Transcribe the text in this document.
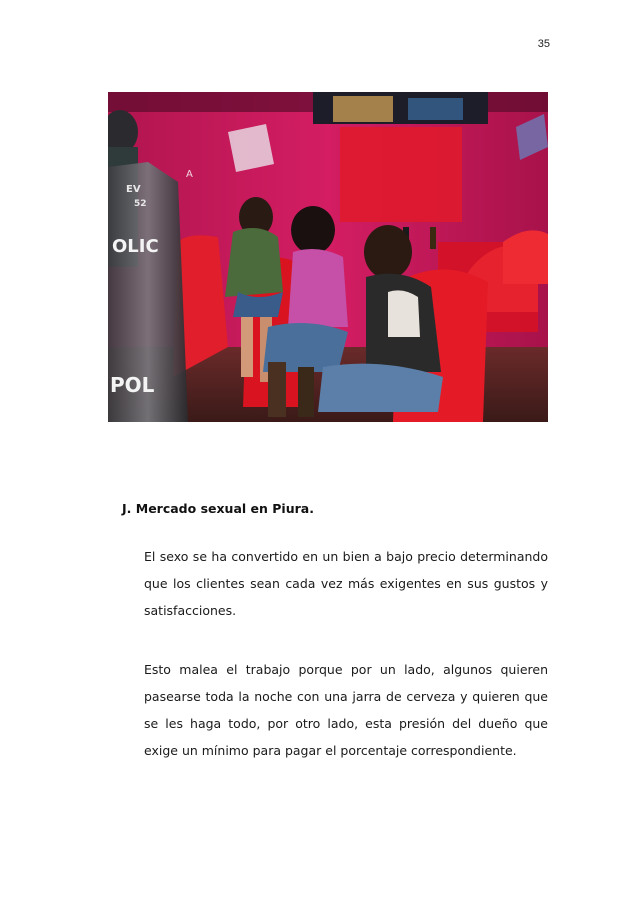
35
A
EV
52
OLIC
POL
J. Mercado sexual en Piura.

El sexo se ha convertido en un bien a bajo precio determinando que los clientes sean cada vez más exigentes en sus gustos y satisfacciones.

Esto malea el trabajo porque por un lado, algunos quieren pasearse toda la noche con una jarra de cerveza y quieren que se les haga todo, por otro lado, esta presión del dueño que exige un mínimo para pagar el porcentaje correspondiente.
